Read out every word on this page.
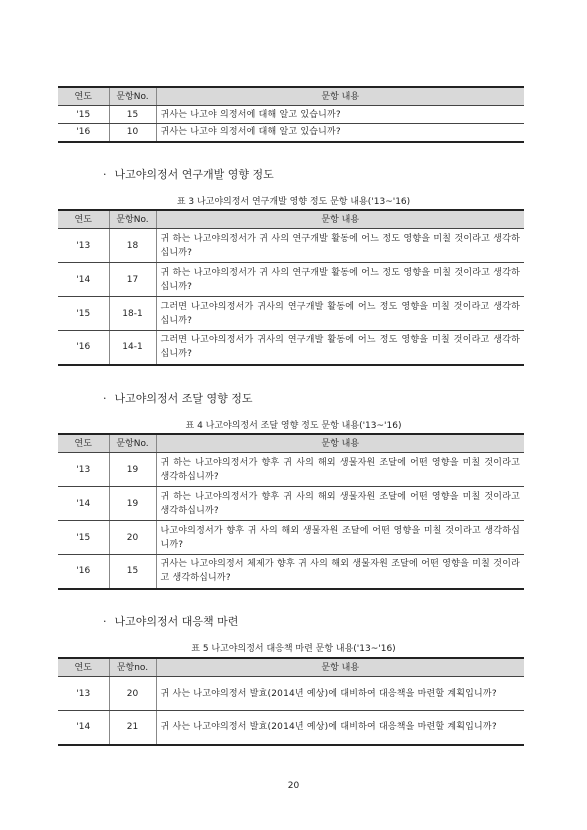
연도	문항No.	문항 내용
'15	15	귀사는 나고야 의정서에 대해 알고 있습니까?
'16	10	귀사는 나고야 의정서에 대해 알고 있습니까?

· 나고야의정서 연구개발 영향 정도

표 3 나고야의정서 연구개발 영향 정도 문항 내용('13~'16)

연도	문항No.	문항 내용
'13	18	귀 하는 나고야의정서가 귀 사의 연구개발 활동에 어느 정도 영향을 미칠 것이라고 생각하십니까?
'14	17	귀 하는 나고야의정서가 귀 사의 연구개발 활동에 어느 정도 영향을 미칠 것이라고 생각하십니까?
'15	18-1	그러면 나고야의정서가 귀사의 연구개발 활동에 어느 정도 영향을 미칠 것이라고 생각하십니까?
'16	14-1	그러면 나고야의정서가 귀사의 연구개발 활동에 어느 정도 영향을 미칠 것이라고 생각하십니까?

· 나고야의정서 조달 영향 정도

표 4 나고야의정서 조달 영향 정도 문항 내용('13~'16)

연도	문항No.	문항 내용
'13	19	귀 하는 나고야의정서가 향후 귀 사의 해외 생물자원 조달에 어떤 영향을 미칠 것이라고 생각하십니까?
'14	19	귀 하는 나고야의정서가 향후 귀 사의 해외 생물자원 조달에 어떤 영향을 미칠 것이라고 생각하십니까?
'15	20	나고야의정서가 향후 귀 사의 해외 생물자원 조달에 어떤 영향을 미칠 것이라고 생각하십니까?
'16	15	귀사는 나고야의정서 체제가 향후 귀 사의 해외 생물자원 조달에 어떤 영향을 미칠 것이라고 생각하십니까?

· 나고야의정서 대응책 마련

표 5 나고야의정서 대응책 마련 문항 내용('13~'16)

연도	문항no.	문항 내용
'13	20	귀 사는 나고야의정서 발효(2014년 예상)에 대비하여 대응책을 마련할 계획입니까?
'14	21	귀 사는 나고야의정서 발효(2014년 예상)에 대비하여 대응책을 마련할 계획입니까?
20
